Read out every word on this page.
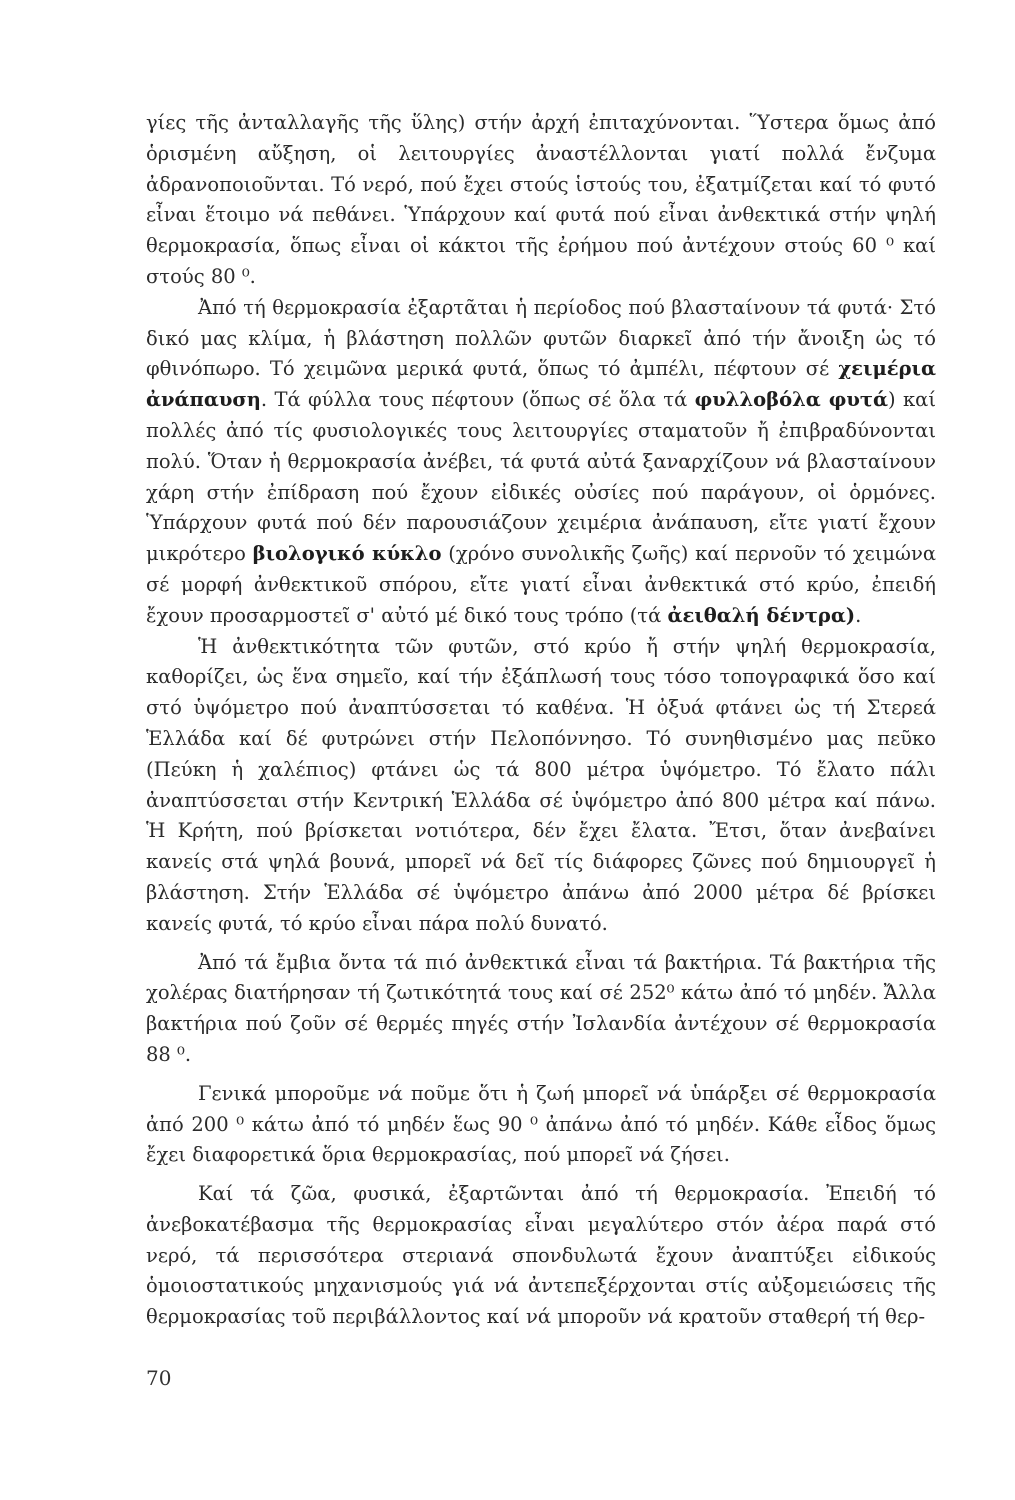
γίες τῆς ἀνταλλαγῆς τῆς ὕλης) στήν ἀρχή ἐπιταχύνονται. Ὕστερα ὅμως ἀπό ὁρισμένη αὔξηση, οἱ λειτουργίες ἀναστέλλονται γιατί πολλά ἔνζυμα ἀδρανοποιοῦνται. Τό νερό, πού ἔχει στούς ἱστούς του, ἐξατμίζεται καί τό φυτό εἶναι ἕτοιμο νά πεθάνει. Ὑπάρχουν καί φυτά πού εἶναι ἀνθεκτικά στήν ψηλή θερμοκρασία, ὅπως εἶναι οἱ κάκτοι τῆς ἐρήμου πού ἀντέχουν στούς 60 ⁰ καί στούς 80 ⁰.

Ἀπό τή θερμοκρασία ἐξαρτᾶται ἡ περίοδος πού βλασταίνουν τά φυτά· Στό δικό μας κλίμα, ἡ βλάστηση πολλῶν φυτῶν διαρκεῖ ἀπό τήν ἄνοιξη ὡς τό φθινόπωρο. Τό χειμῶνα μερικά φυτά, ὅπως τό ἀμπέλι, πέφτουν σέ χειμέρια ἀνάπαυση. Τά φύλλα τους πέφτουν (ὅπως σέ ὅλα τά φυλλοβόλα φυτά) καί πολλές ἀπό τίς φυσιολογικές τους λειτουργίες σταματοῦν ἤ ἐπιβραδύνονται πολύ. Ὅταν ἡ θερμοκρασία ἀνέβει, τά φυτά αὐτά ξαναρχίζουν νά βλασταίνουν χάρη στήν ἐπίδραση πού ἔχουν εἰδικές οὐσίες πού παράγουν, οἱ ὁρμόνες. Ὑπάρχουν φυτά πού δέν παρουσιάζουν χειμέρια ἀνάπαυση, εἴτε γιατί ἔχουν μικρότερο βιολογικό κύκλο (χρόνο συνολικῆς ζωῆς) καί περνοῦν τό χειμώνα σέ μορφή ἀνθεκτικοῦ σπόρου, εἴτε γιατί εἶναι ἀνθεκτικά στό κρύο, ἐπειδή ἔχουν προσαρμοστεῖ σ' αὐτό μέ δικό τους τρόπο (τά ἀειθαλή δέντρα).

Ἡ ἀνθεκτικότητα τῶν φυτῶν, στό κρύο ἤ στήν ψηλή θερμοκρασία, καθορίζει, ὡς ἕνα σημεῖο, καί τήν ἐξάπλωσή τους τόσο τοπογραφικά ὅσο καί στό ὑψόμετρο πού ἀναπτύσσεται τό καθένα. Ἡ ὀξυά φτάνει ὡς τή Στερεά Ἑλλάδα καί δέ φυτρώνει στήν Πελοπόννησο. Τό συνηθισμένο μας πεῦκο (Πεύκη ἡ χαλέπιος) φτάνει ὡς τά 800 μέτρα ὑψόμετρο. Τό ἔλατο πάλι ἀναπτύσσεται στήν Κεντρική Ἑλλάδα σέ ὑψόμετρο ἀπό 800 μέτρα καί πάνω. Ἡ Κρήτη, πού βρίσκεται νοτιότερα, δέν ἔχει ἔλατα. Ἔτσι, ὅταν ἀνεβαίνει κανείς στά ψηλά βουνά, μπορεῖ νά δεῖ τίς διάφορες ζῶνες πού δημιουργεῖ ἡ βλάστηση. Στήν Ἑλλάδα σέ ὑψόμετρο ἀπάνω ἀπό 2000 μέτρα δέ βρίσκει κανείς φυτά, τό κρύο εἶναι πάρα πολύ δυνατό.

Ἀπό τά ἔμβια ὄντα τά πιό ἀνθεκτικά εἶναι τά βακτήρια. Τά βακτήρια τῆς χολέρας διατήρησαν τή ζωτικότητά τους καί σέ 252⁰ κάτω ἀπό τό μηδέν. Ἄλλα βακτήρια πού ζοῦν σέ θερμές πηγές στήν Ἰσλανδία ἀντέχουν σέ θερμοκρασία 88 ⁰.

Γενικά μποροῦμε νά ποῦμε ὅτι ἡ ζωή μπορεῖ νά ὑπάρξει σέ θερμοκρασία ἀπό 200 ⁰ κάτω ἀπό τό μηδέν ἕως 90 ⁰ ἀπάνω ἀπό τό μηδέν. Κάθε εἶδος ὅμως ἔχει διαφορετικά ὅρια θερμοκρασίας, πού μπορεῖ νά ζήσει.

Καί τά ζῶα, φυσικά, ἐξαρτῶνται ἀπό τή θερμοκρασία. Ἐπειδή τό ἀνεβοκατέβασμα τῆς θερμοκρασίας εἶναι μεγαλύτερο στόν ἀέρα παρά στό νερό, τά περισσότερα στεριανά σπονδυλωτά ἔχουν ἀναπτύξει εἰδικούς ὁμοιοστατικούς μηχανισμούς γιά νά ἀντεπεξέρχονται στίς αὐξομειώσεις τῆς θερμοκρασίας τοῦ περιβάλλοντος καί νά μποροῦν νά κρατοῦν σταθερή τή θερ-

70
